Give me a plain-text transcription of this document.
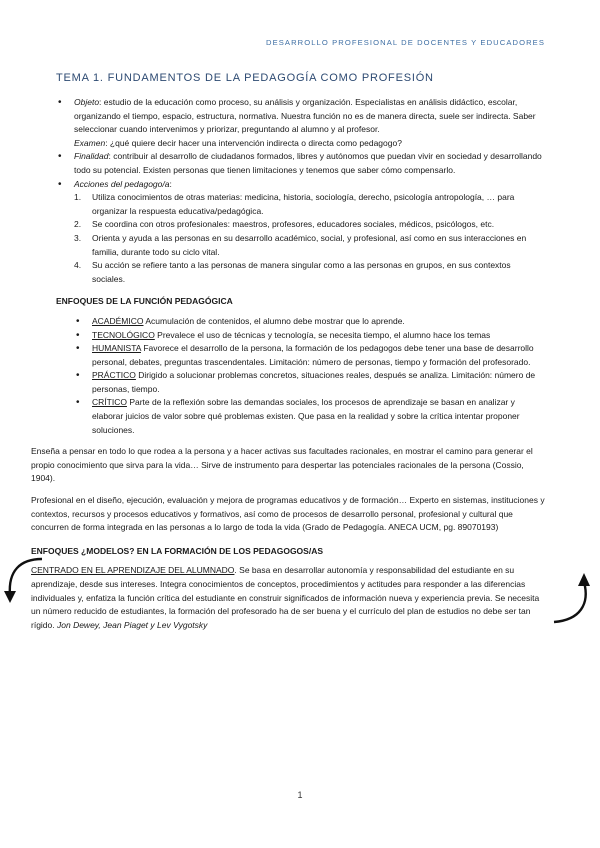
DESARROLLO PROFESIONAL DE DOCENTES Y EDUCADORES
TEMA 1. FUNDAMENTOS DE LA PEDAGOGÍA COMO PROFESIÓN
• Objeto: estudio de la educación como proceso, su análisis y organización. Especialistas en análisis didáctico, escolar, organizando el tiempo, espacio, estructura, normativa. Nuestra función no es de manera directa, suele ser indirecta. Saber seleccionar cuando intervenimos y priorizar, preguntando al alumno y al profesor.
Examen: ¿qué quiere decir hacer una intervención indirecta o directa como pedagogo?
• Finalidad: contribuir al desarrollo de ciudadanos formados, libres y autónomos que puedan vivir en sociedad y desarrollando todo su potencial. Existen personas que tienen limitaciones y tenemos que saber cómo compensarlo.
• Acciones del pedagogo/a:
1. Utiliza conocimientos de otras materias: medicina, historia, sociología, derecho, psicología antropología, … para organizar la respuesta educativa/pedagógica.
2. Se coordina con otros profesionales: maestros, profesores, educadores sociales, médicos, psicólogos, etc.
3. Orienta y ayuda a las personas en su desarrollo académico, social, y profesional, así como en sus interacciones en familia, durante todo su ciclo vital.
4. Su acción se refiere tanto a las personas de manera singular como a las personas en grupos, en sus contextos sociales.
ENFOQUES DE LA FUNCIÓN PEDAGÓGICA
• ACADÉMICO Acumulación de contenidos, el alumno debe mostrar que lo aprende.
• TECNOLÓGICO Prevalece el uso de técnicas y tecnología, se necesita tiempo, el alumno hace los temas
• HUMANISTA Favorece el desarrollo de la persona, la formación de los pedagogos debe tener una base de desarrollo personal, debates, preguntas trascendentales. Limitación: número de personas, tiempo y formación del profesorado.
• PRÁCTICO Dirigido a solucionar problemas concretos, situaciones reales, después se analiza. Limitación: número de personas, tiempo.
• CRÍTICO Parte de la reflexión sobre las demandas sociales, los procesos de aprendizaje se basan en analizar y elaborar juicios de valor sobre qué problemas existen. Que pasa en la realidad y sobre la crítica intentar proponer soluciones.
Enseña a pensar en todo lo que rodea a la persona y a hacer activas sus facultades racionales, en mostrar el camino para generar el propio conocimiento que sirva para la vida… Sirve de instrumento para despertar las potenciales racionales de la persona (Cossio, 1904).
Profesional en el diseño, ejecución, evaluación y mejora de programas educativos y de formación… Experto en sistemas, instituciones y contextos, recursos y procesos educativos y formativos, así como de procesos de desarrollo personal, profesional y cultural que concurren de forma integrada en las personas a lo largo de toda la vida (Grado de Pedagogía. ANECA UCM, pg. 89070193)
ENFOQUES ¿MODELOS? EN LA FORMACIÓN DE LOS PEDAGOGOS/AS
CENTRADO EN EL APRENDIZAJE DEL ALUMNADO. Se basa en desarrollar autonomía y responsabilidad del estudiante en su aprendizaje, desde sus intereses. Integra conocimientos de conceptos, procedimientos y actitudes para responder a las diferencias individuales y, enfatiza la función crítica del estudiante en construir significados de información nueva y experiencia previa. Se necesita un número reducido de estudiantes, la formación del profesorado ha de ser buena y el currículo del plan de estudios no debe ser tan rígido. Jon Dewey, Jean Piaget y Lev Vygotsky
1
